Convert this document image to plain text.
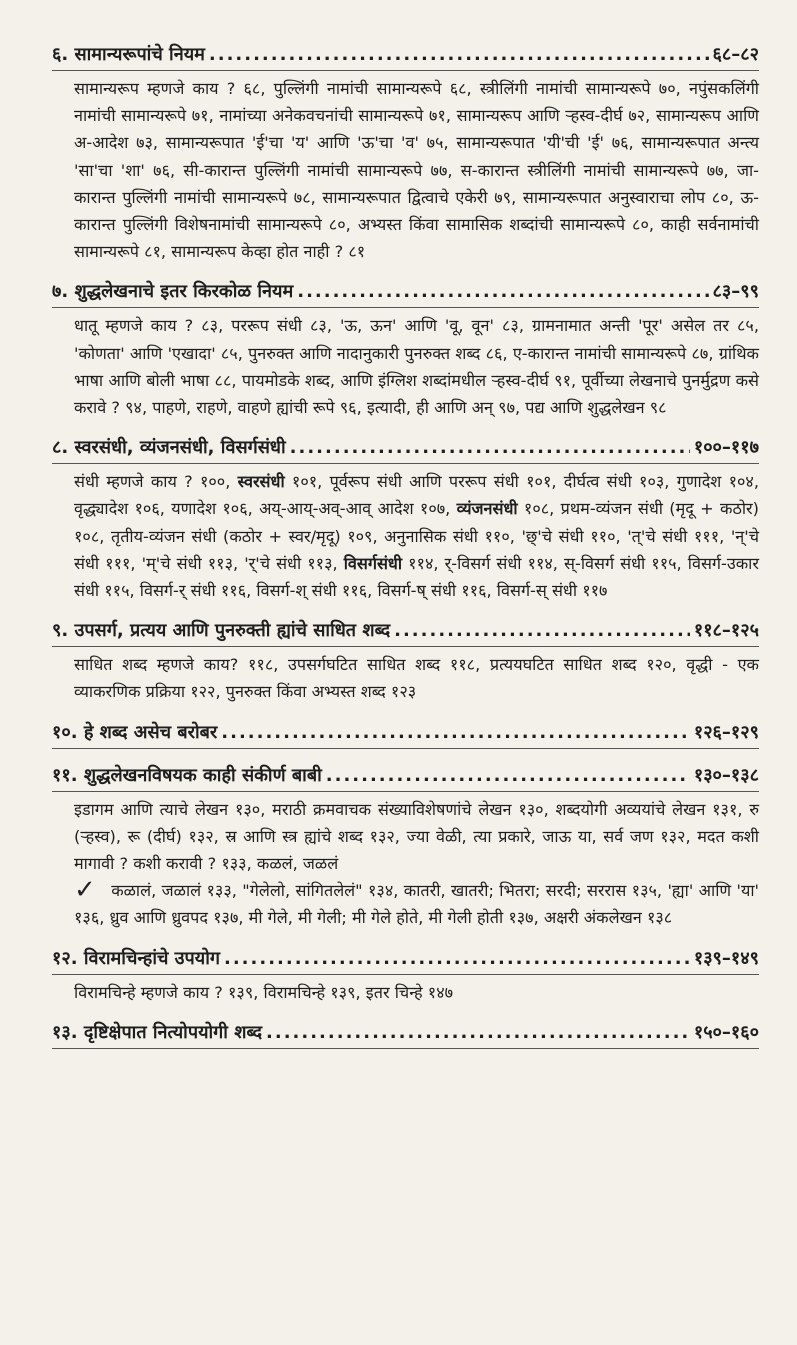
६. सामान्यरूपांचे नियम .....	६८–८२
सामान्यरूप म्हणजे काय ? ६८, पुल्लिंगी नामांची सामान्यरूपे ६८, स्त्रीलिंगी नामांची सामान्यरूपे ७०, नपुंसकलिंगी नामांची सामान्यरूपे ७१, नामांच्या अनेकवचनांची सामान्यरूपे ७१, सामान्यरूप आणि ऱ्हस्व-दीर्घ ७२, सामान्यरूप आणि अ-आदेश ७३, सामान्यरूपात 'ई'चा 'य' आणि 'ऊ'चा 'व' ७५, सामान्यरूपात 'यी'ची 'ई' ७६, सामान्यरूपात अन्त्य 'सा'चा 'शा' ७६, सी-कारान्त पुल्लिंगी नामांची सामान्यरूपे ७७, स-कारान्त स्त्रीलिंगी नामांची सामान्यरूपे ७७, जा-कारान्त पुल्लिंगी नामांची सामान्यरूपे ७८, सामान्यरूपात द्वित्वाचे एकेरी ७९, सामान्यरूपात अनुस्वाराचा लोप ८०, ऊ-कारान्त पुल्लिंगी विशेषनामांची सामान्यरूपे ८०, अभ्यस्त किंवा सामासिक शब्दांची सामान्यरूपे ८०, काही सर्वनामांची सामान्यरूपे ८१, सामान्यरूप केव्हा होत नाही ? ८१
७. शुद्धलेखनाचे इतर किरकोळ नियम .....	८३–९९
धातू म्हणजे काय ? ८३, पररूप संधी ८३, 'ऊ, ऊन' आणि 'वू, वून' ८३, ग्रामनामात अन्ती 'पूर' असेल तर ८५, 'कोणता' आणि 'एखादा' ८५, पुनरुक्त आणि नादानुकारी पुनरुक्त शब्द ८६, ए-कारान्त नामांची सामान्यरूपे ८७, ग्रांथिक भाषा आणि बोली भाषा ८८, पायमोडके शब्द, आणि इंग्लिश शब्दांमधील ऱ्हस्व-दीर्घ ९१, पूर्वीच्या लेखनाचे पुनर्मुद्रण कसे करावे ? ९४, पाहणे, राहणे, वाहणे ह्यांची रूपे ९६, इत्यादी, ही आणि अन् ९७, पद्य आणि शुद्धलेखन ९८
८. स्वरसंधी, व्यंजनसंधी, विसर्गसंधी .....	१००–११७
संधी म्हणजे काय ? १००, स्वरसंधी १०१, पूर्वरूप संधी आणि पररूप संधी १०१, दीर्घत्व संधी १०३, गुणादेश १०४, वृद्ध्यादेश १०६, यणादेश १०६, अय्-आय्-अव्-आव् आदेश १०७, व्यंजनसंधी १०८, प्रथम-व्यंजन संधी (मृदू + कठोर) १०८, तृतीय-व्यंजन संधी (कठोर + स्वर/मृदू) १०९, अनुनासिक संधी ११०, 'छ्'चे संधी ११०, 'त्'चे संधी १११, 'न्'चे संधी १११, 'म्'चे संधी ११३, 'र्'चे संधी ११३, विसर्गसंधी ११४, र्-विसर्ग संधी ११४, स्-विसर्ग संधी ११५, विसर्ग-उकार संधी ११५, विसर्ग-र् संधी ११६, विसर्ग-श् संधी ११६, विसर्ग-ष् संधी ११६, विसर्ग-स् संधी ११७
९. उपसर्ग, प्रत्यय आणि पुनरुक्ती ह्यांचे साधित शब्द .....	११८–१२५
साधित शब्द म्हणजे काय? ११८, उपसर्गघटित साधित शब्द ११८, प्रत्ययघटित साधित शब्द १२०, वृद्धी - एक व्याकरणिक प्रक्रिया १२२, पुनरुक्त किंवा अभ्यस्त शब्द १२३
१०. हे शब्द असेच बरोबर .....	१२६–१२९
११. शुद्धलेखनविषयक काही संकीर्ण बाबी .....	१३०–१३८
इडागम आणि त्याचे लेखन १३०, मराठी क्रमवाचक संख्याविशेषणांचे लेखन १३०, शब्दयोगी अव्ययांचे लेखन १३१, रु (ऱ्हस्व), रू (दीर्घ) १३२, स्र आणि स्त्र ह्यांचे शब्द १३२, ज्या वेळी, त्या प्रकारे, जाऊ या, सर्व जण १३२, मदत कशी मागावी ? कशी करावी ? १३३, कळलं, जळलं
✓ कळालं, जळालं १३३, "गेलेलो, सांगितलेलं" १३४, कातरी, खातरी; भितरा; सरदी; सररास १३५, 'ह्या' आणि 'या' १३६, ध्रुव आणि ध्रुवपद १३७, मी गेले, मी गेली; मी गेले होते, मी गेली होती १३७, अक्षरी अंकलेखन १३८
१२. विरामचिन्हांचे उपयोग .....	१३९–१४९
विरामचिन्हे म्हणजे काय ? १३९, विरामचिन्हे १३९, इतर चिन्हे १४७
१३. दृष्टिक्षेपात नित्योपयोगी शब्द .....	१५०–१६०
